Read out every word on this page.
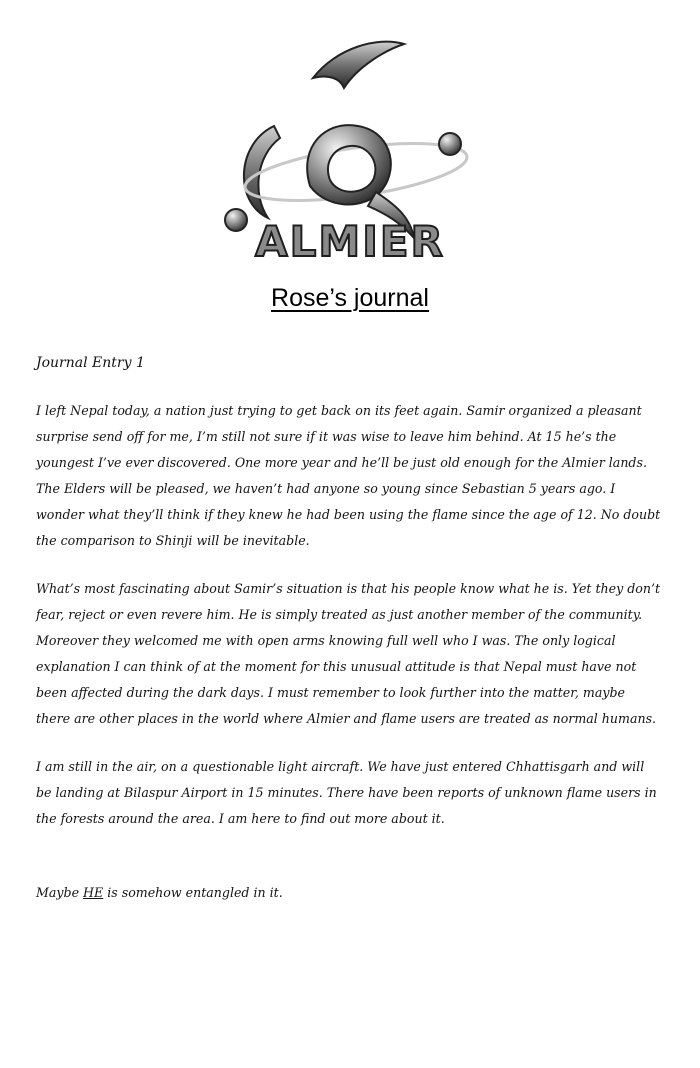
ALMIER
Rose’s journal
Journal Entry 1

I left Nepal today, a nation just trying to get back on its feet again. Samir organized a pleasant surprise send off for me, I’m still not sure if it was wise to leave him behind. At 15 he’s the youngest I’ve ever discovered. One more year and he’ll be just old enough for the Almier lands. The Elders will be pleased, we haven’t had anyone so young since Sebastian 5 years ago. I wonder what they’ll think if they knew he had been using the flame since the age of 12. No doubt the comparison to Shinji will be inevitable.

What’s most fascinating about Samir’s situation is that his people know what he is. Yet they don’t fear, reject or even revere him. He is simply treated as just another member of the community. Moreover they welcomed me with open arms knowing full well who I was. The only logical explanation I can think of at the moment for this unusual attitude is that Nepal must have not been affected during the dark days. I must remember to look further into the matter, maybe there are other places in the world where Almier and flame users are treated as normal humans.

I am still in the air, on a questionable light aircraft. We have just entered Chhattisgarh and will be landing at Bilaspur Airport in 15 minutes. There have been reports of unknown flame users in the forests around the area. I am here to find out more about it.

Maybe HE is somehow entangled in it.
